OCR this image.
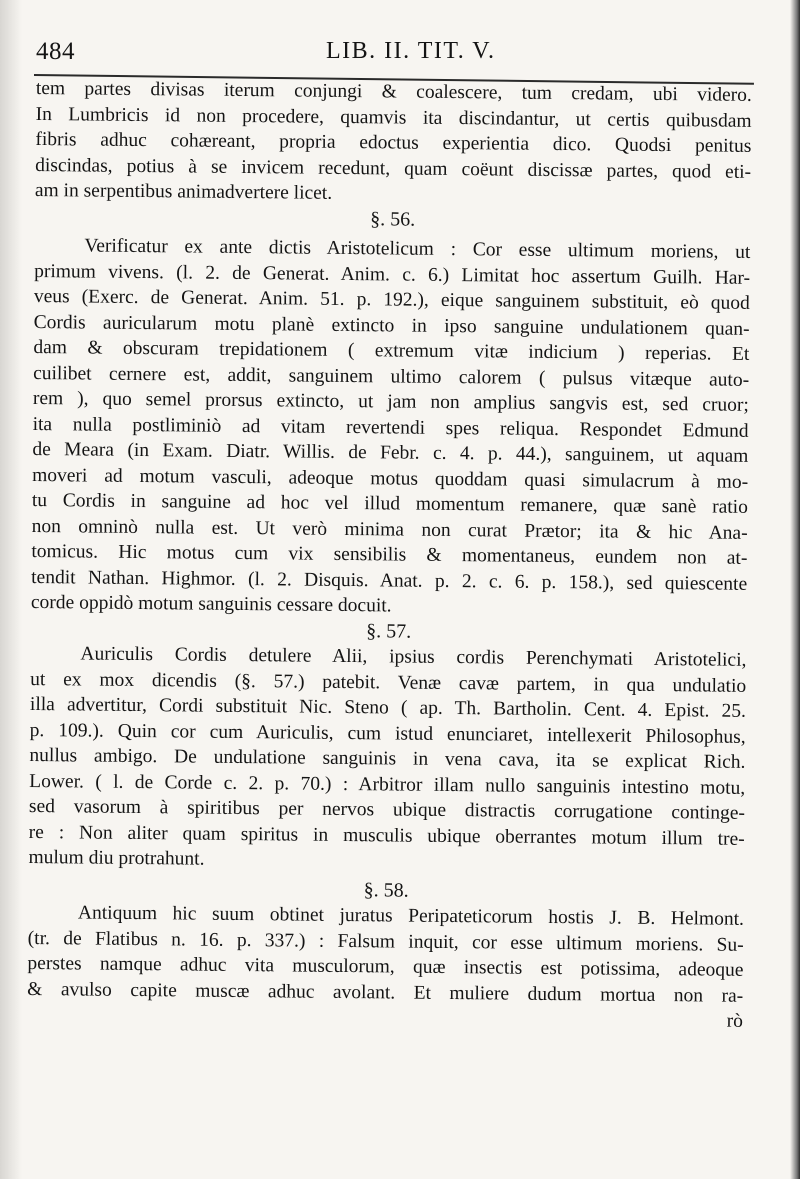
484	LIB. II. TIT. V.
tem partes divisas iterum conjungi & coalescere, tum credam, ubi videro.
In Lumbricis id non procedere, quamvis ita discindantur, ut certis quibusdam
fibris adhuc cohæreant, propria edoctus experientia dico. Quodsi penitus
discindas, potius à se invicem recedunt, quam coëunt discissæ partes, quod eti-
am in serpentibus animadvertere licet.
§. 56.
Verificatur ex ante dictis Aristotelicum : Cor esse ultimum moriens, ut
primum vivens. (l. 2. de Generat. Anim. c. 6.) Limitat hoc assertum Guilh. Har-
veus (Exerc. de Generat. Anim. 51. p. 192.), eique sanguinem substituit, eò quod
Cordis auricularum motu planè extincto in ipso sanguine undulationem quan-
dam & obscuram trepidationem ( extremum vitæ indicium ) reperias. Et
cuilibet cernere est, addit, sanguinem ultimo calorem ( pulsus vitæque auto-
rem ), quo semel prorsus extincto, ut jam non amplius sangvis est, sed cruor;
ita nulla postliminiò ad vitam revertendi spes reliqua. Respondet Edmund
de Meara (in Exam. Diatr. Willis. de Febr. c. 4. p. 44.), sanguinem, ut aquam
moveri ad motum vasculi, adeoque motus quoddam quasi simulacrum à mo-
tu Cordis in sanguine ad hoc vel illud momentum remanere, quæ sanè ratio
non omninò nulla est. Ut verò minima non curat Prætor; ita & hic Ana-
tomicus. Hic motus cum vix sensibilis & momentaneus, eundem non at-
tendit Nathan. Highmor. (l. 2. Disquis. Anat. p. 2. c. 6. p. 158.), sed quiescente
corde oppidò motum sanguinis cessare docuit.
§. 57.
Auriculis Cordis detulere Alii, ipsius cordis Perenchymati Aristotelici,
ut ex mox dicendis (§. 57.) patebit. Venæ cavæ partem, in qua undulatio
illa advertitur, Cordi substituit Nic. Steno ( ap. Th. Bartholin. Cent. 4. Epist. 25.
p. 109.). Quin cor cum Auriculis, cum istud enunciaret, intellexerit Philosophus,
nullus ambigo. De undulatione sanguinis in vena cava, ita se explicat Rich.
Lower. ( l. de Corde c. 2. p. 70.) : Arbitror illam nullo sanguinis intestino motu,
sed vasorum à spiritibus per nervos ubique distractis corrugatione continge-
re : Non aliter quam spiritus in musculis ubique oberrantes motum illum tre-
mulum diu protrahunt.
§. 58.
Antiquum hic suum obtinet juratus Peripateticorum hostis J. B. Helmont.
(tr. de Flatibus n. 16. p. 337.) : Falsum inquit, cor esse ultimum moriens. Su-
perstes namque adhuc vita musculorum, quæ insectis est potissima, adeoque
& avulso capite muscæ adhuc avolant. Et muliere dudum mortua non ra-
rò
